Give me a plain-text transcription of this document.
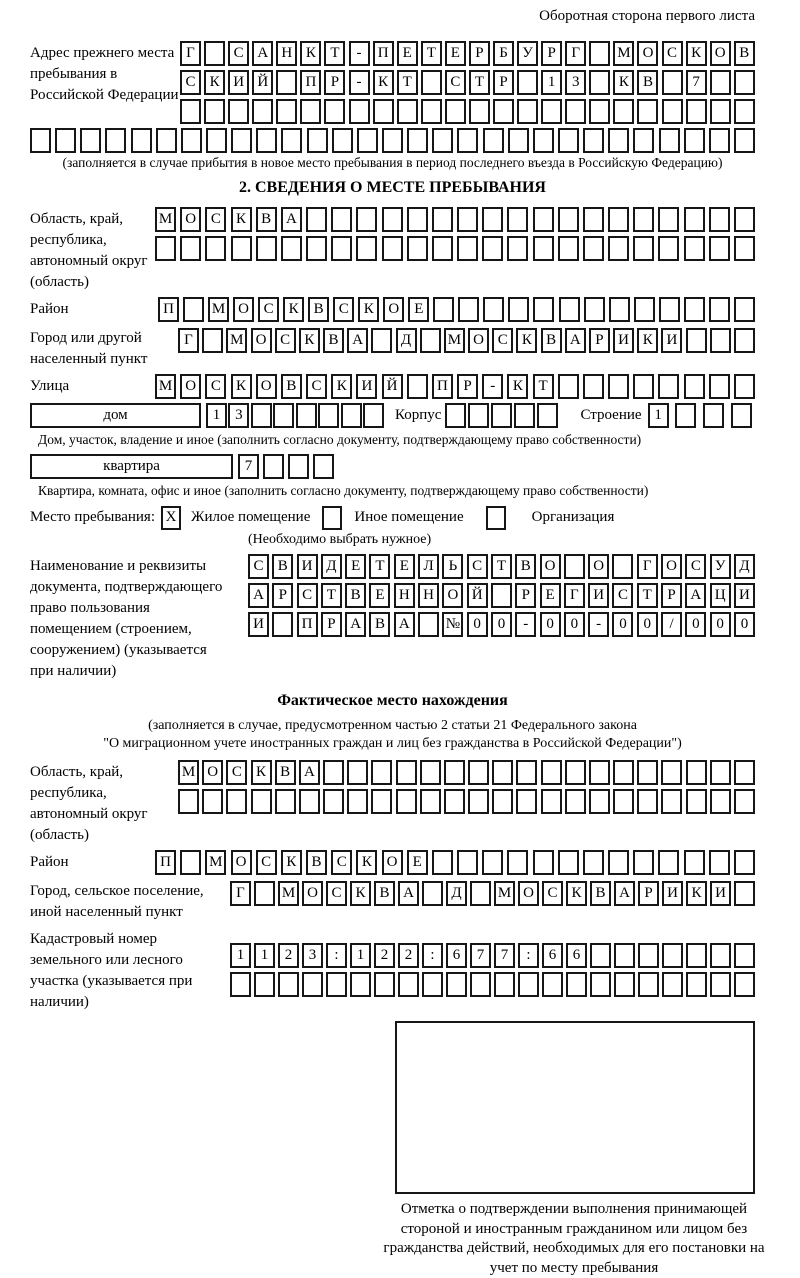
Оборотная сторона первого листа
Адрес прежнего места пребывания в Российской Федерации
Г	С А Н К Т	-	П Е Т Е	Р	Б У Р	Г	М О С К О В
С К И Й	П Р	-	К Т	С Т	Р	1	3	К В	7
(заполняется в случае прибытия в новое место пребывания в период последнего въезда в Российскую Федерацию)
2. СВЕДЕНИЯ О МЕСТЕ ПРЕБЫВАНИЯ
Область, край, республика, автономный округ (область)
М О С	К	В А
Район	П	М О С	К	В	С	К О	Е
Город или другой населенный пункт
Г	М О С К В А	Д	М О С К В А Р И К И
Улица	М О С	К О В	С	К И Й	П	Р	-	К	Т
дом	1 3	Корпус	Строение 1
Дом, участок, владение и иное (заполнить согласно документу, подтверждающему право собственности)
квартира	7
Квартира, комната, офис и иное (заполнить согласно документу, подтверждающему право собственности)
Место пребывания: X Жилое помещение	Иное помещение	Организация
(Необходимо выбрать нужное)
Наименование и реквизиты документа, подтверждающего право пользования помещением (строением, сооружением) (указывается при наличии)
С В И Д Е	Т	Е Л Ь С Т В О	О	Г О С У Д
А Р	С Т В Е Н Н О Й	Р	Е	Г И С Т	Р А Ц И
И	П Р А В А	№ 0	0	-	0	0	-	0	0	/	0	0	0
Фактическое место нахождения
(заполняется в случае, предусмотренном частью 2 статьи 21 Федерального закона
"О миграционном учете иностранных граждан и лиц без гражданства в Российской Федерации")
Область, край, республика, автономный округ (область)
М О С К В А
Район	П	М О С	К	В	С	К О	Е
Город, сельское поселение, иной населенный пункт
Г	М О С К В А	Д	М О С К В А Р И К И
Кадастровый номер земельного или лесного участка (указывается при наличии)
1	1	2	3	:	1	2	2	:	6	7	7	:	6	6
Отметка о подтверждении выполнения принимающей стороной и иностранным гражданином или лицом без гражданства действий, необходимых для его постановки на учет по месту пребывания
